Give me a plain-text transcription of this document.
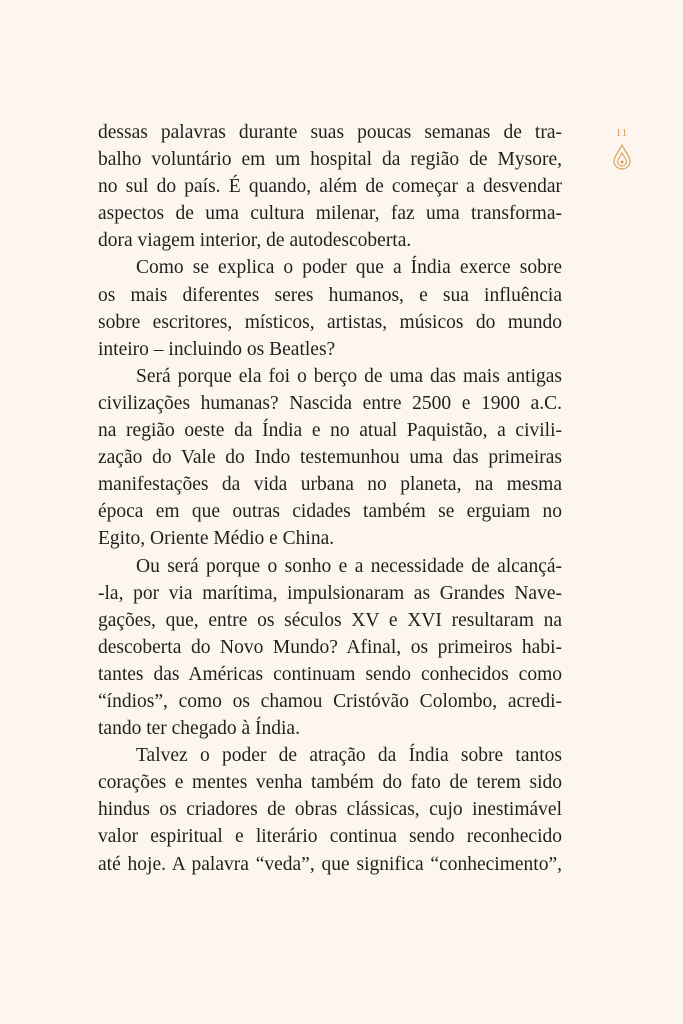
11
dessas palavras durante suas poucas semanas de tra-
balho voluntário em um hospital da região de Mysore,
no sul do país. É quando, além de começar a desvendar
aspectos de uma cultura milenar, faz uma transforma-
dora viagem interior, de autodescoberta.
Como se explica o poder que a Índia exerce sobre
os mais diferentes seres humanos, e sua influência
sobre escritores, místicos, artistas, músicos do mundo
inteiro – incluindo os Beatles?
Será porque ela foi o berço de uma das mais antigas
civilizações humanas? Nascida entre 2500 e 1900 a.C.
na região oeste da Índia e no atual Paquistão, a civili-
zação do Vale do Indo testemunhou uma das primeiras
manifestações da vida urbana no planeta, na mesma
época em que outras cidades também se erguiam no
Egito, Oriente Médio e China.
Ou será porque o sonho e a necessidade de alcançá-
-la, por via marítima, impulsionaram as Grandes Nave-
gações, que, entre os séculos XV e XVI resultaram na
descoberta do Novo Mundo? Afinal, os primeiros habi-
tantes das Américas continuam sendo conhecidos como
“índios”, como os chamou Cristóvão Colombo, acredi-
tando ter chegado à Índia.
Talvez o poder de atração da Índia sobre tantos
corações e mentes venha também do fato de terem sido
hindus os criadores de obras clássicas, cujo inestimável
valor espiritual e literário continua sendo reconhecido
até hoje. A palavra “veda”, que significa “conhecimento”,
